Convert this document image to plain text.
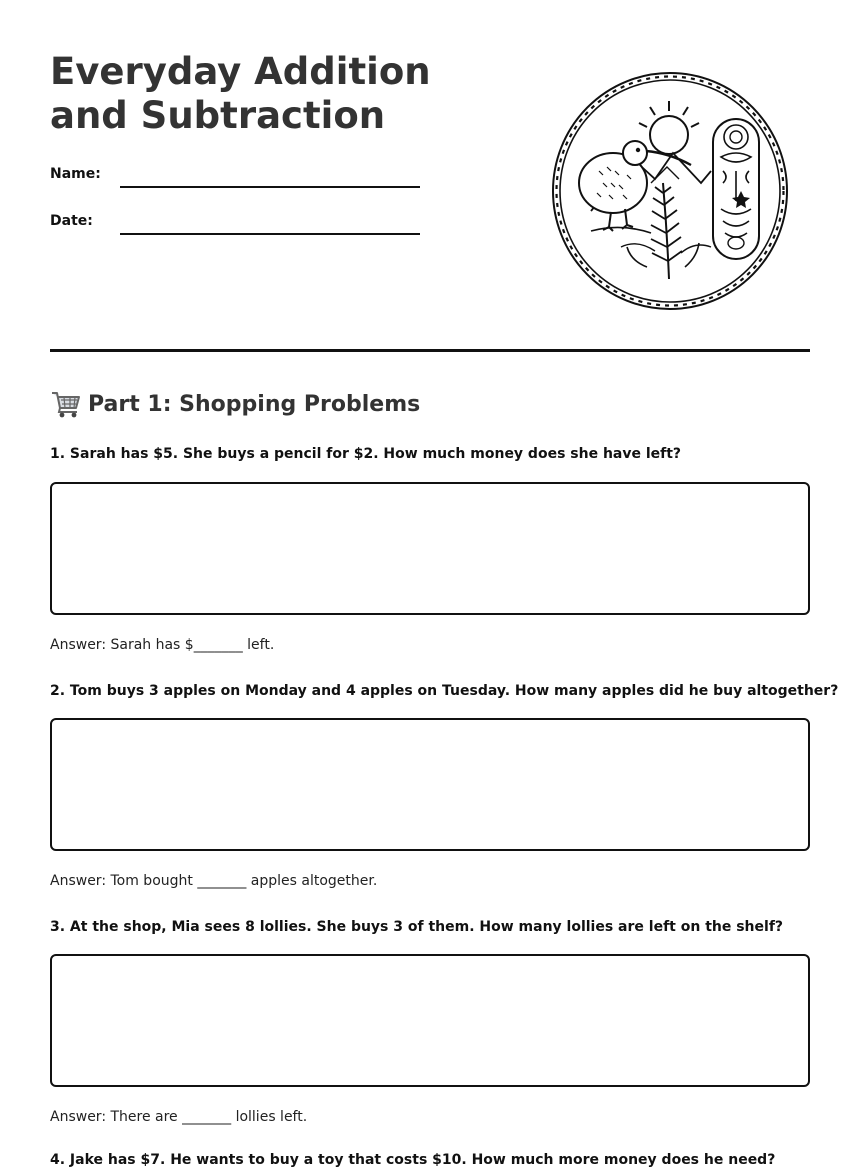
Everyday Addition and Subtraction
Name:
Date:
Part 1: Shopping Problems
1. Sarah has $5. She buys a pencil for $2. How much money does she have left?
Answer: Sarah has $_______ left.
2. Tom buys 3 apples on Monday and 4 apples on Tuesday. How many apples did he buy altogether?
Answer: Tom bought _______ apples altogether.
3. At the shop, Mia sees 8 lollies. She buys 3 of them. How many lollies are left on the shelf?
Answer: There are _______ lollies left.
4. Jake has $7. He wants to buy a toy that costs $10. How much more money does he need?
